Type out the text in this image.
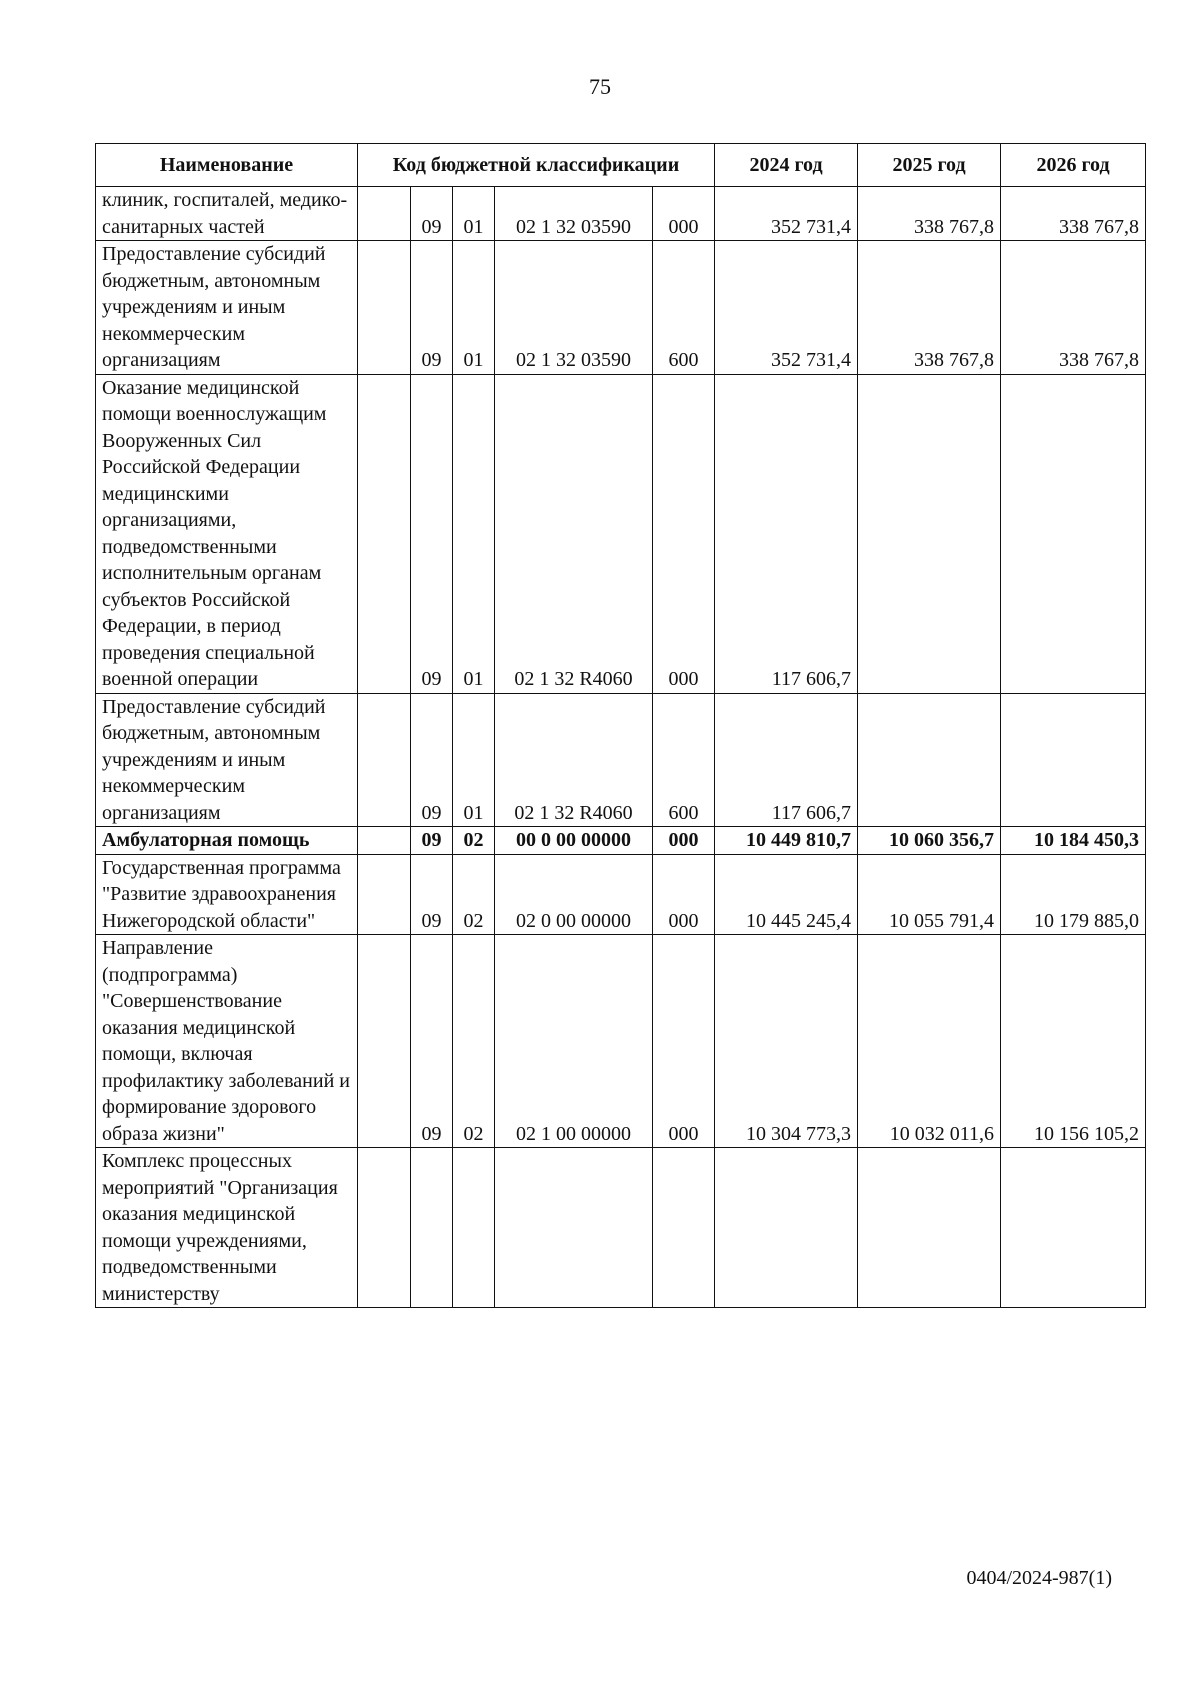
75
Наименование	Код бюджетной классификации					2024 год	2025 год	2026 год
клиник, госпиталей, медико-санитарных частей		09	01	02 1 32 03590	000	352 731,4	338 767,8	338 767,8
Предоставление субсидий бюджетным, автономным учреждениям и иным некоммерческим организациям		09	01	02 1 32 03590	600	352 731,4	338 767,8	338 767,8
Оказание медицинской помощи военнослужащим Вооруженных Сил Российской Федерации медицинскими организациями, подведомственными исполнительным органам субъектов Российской Федерации, в период проведения специальной военной операции		09	01	02 1 32 R4060	000	117 606,7		
Предоставление субсидий бюджетным, автономным учреждениям и иным некоммерческим организациям		09	01	02 1 32 R4060	600	117 606,7		
Амбулаторная помощь		09	02	00 0 00 00000	000	10 449 810,7	10 060 356,7	10 184 450,3
Государственная программа "Развитие здравоохранения Нижегородской области"		09	02	02 0 00 00000	000	10 445 245,4	10 055 791,4	10 179 885,0
Направление (подпрограмма) "Совершенствование оказания медицинской помощи, включая профилактику заболеваний и формирование здорового образа жизни"		09	02	02 1 00 00000	000	10 304 773,3	10 032 011,6	10 156 105,2
Комплекс процессных мероприятий "Организация оказания медицинской помощи учреждениями, подведомственными министерству								
0404/2024-987(1)
